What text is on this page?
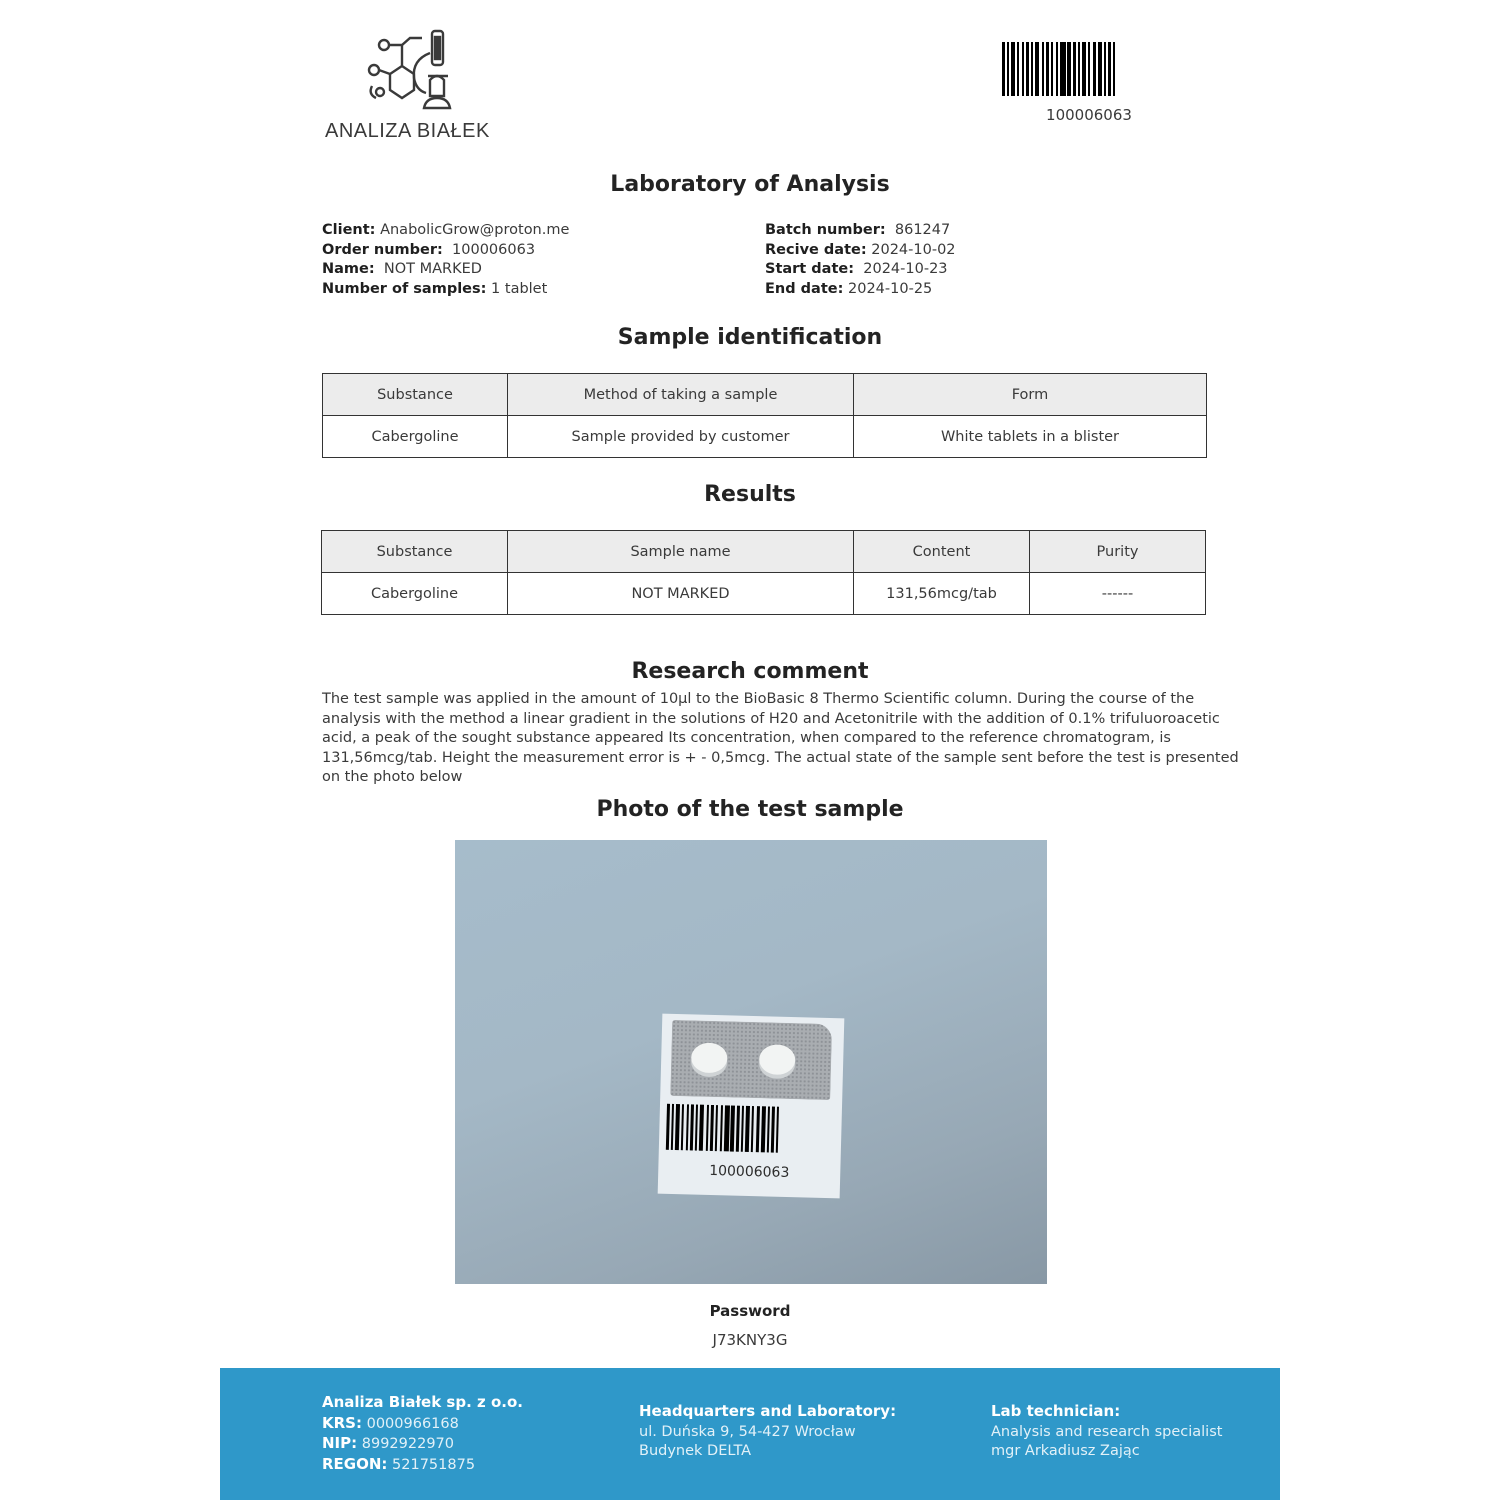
ANALIZA BIAŁEK
100006063
Laboratory of Analysis
Client: AnabolicGrow@proton.me
Order number: 100006063
Name: NOT MARKED
Number of samples: 1 tablet
Batch number: 861247
Recive date: 2024-10-02
Start date: 2024-10-23
End date: 2024-10-25
Sample identification
Substance	Method of taking a sample	Form
Cabergoline	Sample provided by customer	White tablets in a blister
Results
Substance	Sample name	Content	Purity
Cabergoline	NOT MARKED	131,56mcg/tab	------
Research comment
The test sample was applied in the amount of 10µl to the BioBasic 8 Thermo Scientific column. During the course of the analysis with the method a linear gradient in the solutions of H20 and Acetonitrile with the addition of 0.1% trifuluoroacetic acid, a peak of the sought substance appeared Its concentration, when compared to the reference chromatogram, is 131,56mcg/tab. Height the measurement error is + - 0,5mcg. The actual state of the sample sent before the test is presented on the photo below
Photo of the test sample
100006063
Password
J73KNY3G
Analiza Białek sp. z o.o.
KRS: 0000966168
NIP: 8992922970
REGON: 521751875
Headquarters and Laboratory:
ul. Duńska 9, 54-427 Wrocław
Budynek DELTA
Lab technician:
Analysis and research specialist
mgr Arkadiusz Zając
